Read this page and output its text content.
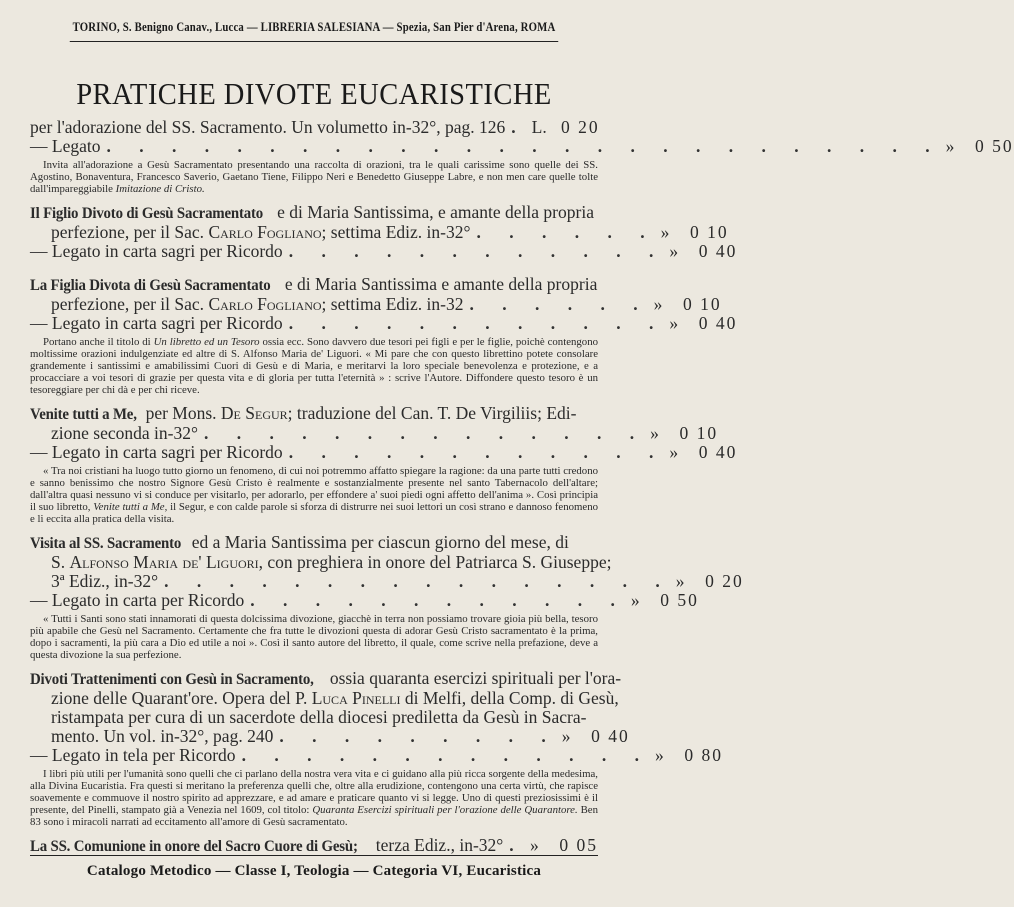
TORINO, S. Benigno Canav., Lucca — LIBRERIA SALESIANA — Spezia, San Pier d'Arena, ROMA
PRATICHE DIVOTE EUCARISTICHE
per l'adorazione del SS. Sacramento. Un volumetto in-32°, pag. 126 . L. 0 20
— Legato . . . . . . . . . . . . . . . . . . . . . . . . . . » 0 50
Invita all'adorazione a Gesù Sacramentato presentando una raccolta di orazioni, tra le quali carissime sono quelle dei SS. Agostino, Bonaventura, Francesco Saverio, Gaetano Tiene, Filippo Neri e Benedetto Giuseppe Labre, e non men care quelle tolte dall'impareggiabile Imitazione di Cristo.
Il Figlio Divoto di Gesù Sacramentato e di Maria Santissima, e amante della propria
perfezione, per il Sac. Carlo Fogliano; settima Ediz. in-32° . . . . . . » 0 10
— Legato in carta sagri per Ricordo . . . . . . . . . . . . » 0 40
La Figlia Divota di Gesù Sacramentato e di Maria Santissima e amante della propria
perfezione, per il Sac. Carlo Fogliano; settima Ediz. in-32 . . . . . . » 0 10
— Legato in carta sagri per Ricordo . . . . . . . . . . . . » 0 40
Portano anche il titolo di Un libretto ed un Tesoro ossia ecc. Sono davvero due tesori pei figli e per le figlie, poichè contengono moltissime orazioni indulgenziate ed altre di S. Alfonso Maria de' Liguori. « Mi pare che con questo librettino potete consolare grandemente i santissimi e amabilissimi Cuori di Gesù e di Maria, e meritarvi la loro speciale benevolenza e protezione, e a procacciare a voi tesori di grazie per questa vita e di gloria per tutta l'eternità » : scrive l'Autore. Diffondere questo tesoro è un tesoreggiare per chi dà e per chi riceve.
Venite tutti a Me, per Mons. De Segur; traduzione del Can. T. De Virgiliis; Edi-
zione seconda in-32° . . . . . . . . . . . . . . » 0 10
— Legato in carta sagri per Ricordo . . . . . . . . . . . . » 0 40
« Tra noi cristiani ha luogo tutto giorno un fenomeno, di cui noi potremmo affatto spiegare la ragione: da una parte tutti credono e sanno benissimo che nostro Signore Gesù Cristo è realmente e sostanzialmente presente nel santo Tabernacolo dell'altare; dall'altra quasi nessuno vi si conduce per visitarlo, per adorarlo, per effondere a' suoi piedi ogni affetto dell'anima ». Così principia il suo libretto, Venite tutti a Me, il Segur, e con calde parole si sforza di distrurre nei suoi lettori un così strano e dannoso fenomeno e li eccita alla pratica della visita.
Visita al SS. Sacramento ed a Maria Santissima per ciascun giorno del mese, di
S. Alfonso Maria de' Liguori, con preghiera in onore del Patriarca S. Giuseppe;
3ª Ediz., in-32° . . . . . . . . . . . . . . . . » 0 20
— Legato in carta per Ricordo . . . . . . . . . . . . » 0 50
« Tutti i Santi sono stati innamorati di questa dolcissima divozione, giacchè in terra non possiamo trovare gioia più bella, tesoro più apabile che Gesù nel Sacramento. Certamente che fra tutte le divozioni questa di adorar Gesù Cristo sacramentato è la prima, dopo i sacramenti, la più cara a Dio ed utile a noi ». Così il santo autore del libretto, il quale, come scrive nella prefazione, deve a questa divozione la sua perfezione.
Divoti Trattenimenti con Gesù in Sacramento, ossia quaranta esercizi spirituali per l'ora-
zione delle Quarant'ore. Opera del P. Luca Pinelli di Melfi, della Comp. di Gesù,
ristampata per cura di un sacerdote della diocesi prediletta da Gesù in Sacra-
mento. Un vol. in-32°, pag. 240 . . . . . . . . . » 0 40
— Legato in tela per Ricordo . . . . . . . . . . . . . » 0 80
I libri più utili per l'umanità sono quelli che ci parlano della nostra vera vita e ci guidano alla più ricca sorgente della medesima, alla Divina Eucaristia. Fra questi si meritano la preferenza quelli che, oltre alla erudizione, contengono una certa virtù, che rapisce soavemente e commuove il nostro spirito ad apprezzare, e ad amare e praticare quanto vi si legge. Uno di questi preziosissimi è il presente, del Pinelli, stampato già a Venezia nel 1609, col titolo: Quaranta Esercizi spirituali per l'orazione delle Quarantore. Ben 83 sono i miracoli narrati ad eccitamento all'amore di Gesù sacramentato.
La SS. Comunione in onore del Sacro Cuore di Gesù; terza Ediz., in-32° . » 0 05
Catalogo Metodico — Classe I, Teologia — Categoria VI, Eucaristica
